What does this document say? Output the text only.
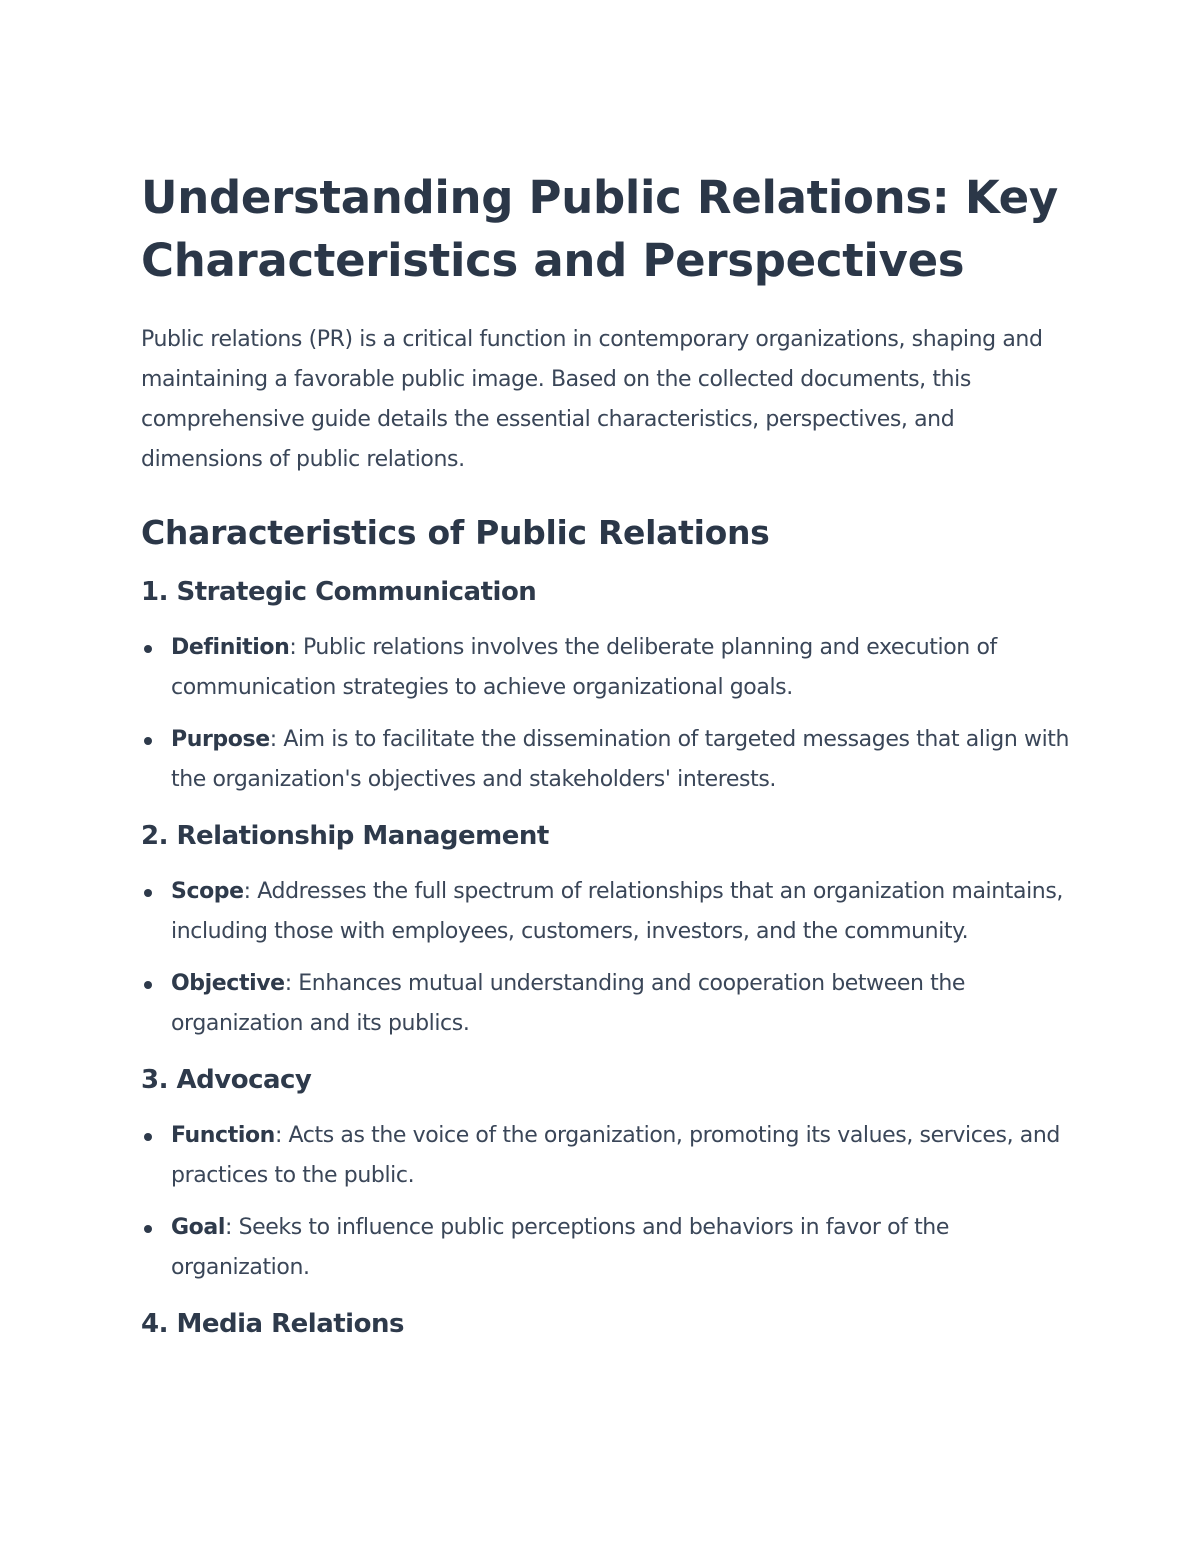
Understanding Public Relations: Key Characteristics and Perspectives

Public relations (PR) is a critical function in contemporary organizations, shaping and maintaining a favorable public image. Based on the collected documents, this comprehensive guide details the essential characteristics, perspectives, and dimensions of public relations.

Characteristics of Public Relations
1. Strategic Communication
Definition: Public relations involves the deliberate planning and execution of communication strategies to achieve organizational goals.
Purpose: Aim is to facilitate the dissemination of targeted messages that align with the organization's objectives and stakeholders' interests.
2. Relationship Management
Scope: Addresses the full spectrum of relationships that an organization maintains, including those with employees, customers, investors, and the community.
Objective: Enhances mutual understanding and cooperation between the organization and its publics.
3. Advocacy
Function: Acts as the voice of the organization, promoting its values, services, and practices to the public.
Goal: Seeks to influence public perceptions and behaviors in favor of the organization.
4. Media Relations
